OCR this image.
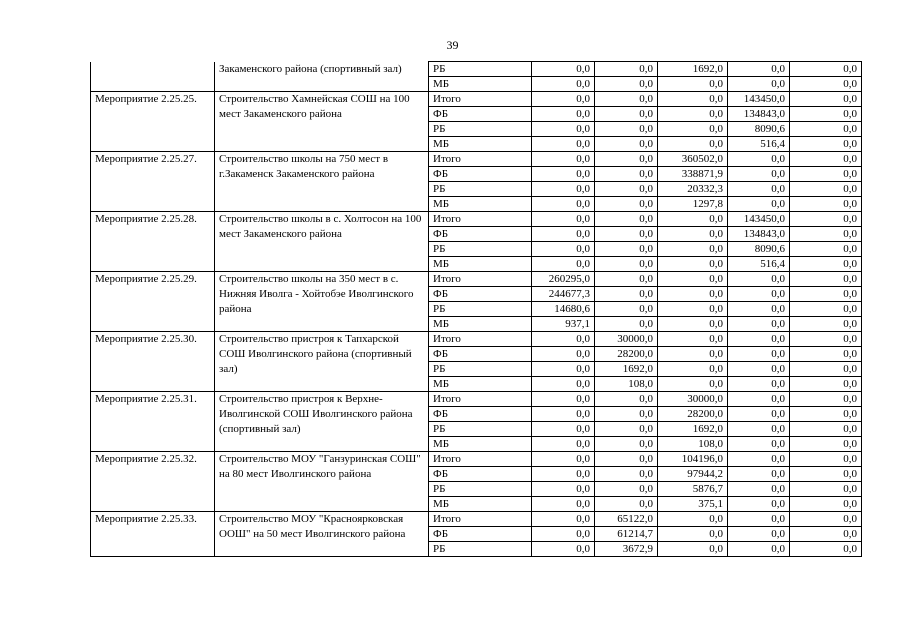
39
	Закаменского района (спортивный зал)	РБ	0,0	0,0	1692,0	0,0	0,0
		МБ	0,0	0,0	0,0	0,0	0,0
Мероприятие 2.25.25.	Строительство Хамнейская СОШ на 100 мест Закаменского района	Итого	0,0	0,0	0,0	143450,0	0,0
		ФБ	0,0	0,0	0,0	134843,0	0,0
		РБ	0,0	0,0	0,0	8090,6	0,0
		МБ	0,0	0,0	0,0	516,4	0,0
Мероприятие 2.25.27.	Строительство школы на 750 мест в г.Закаменск Закаменского района	Итого	0,0	0,0	360502,0	0,0	0,0
		ФБ	0,0	0,0	338871,9	0,0	0,0
		РБ	0,0	0,0	20332,3	0,0	0,0
		МБ	0,0	0,0	1297,8	0,0	0,0
Мероприятие 2.25.28.	Строительство школы в с. Холтосон на 100 мест Закаменского района	Итого	0,0	0,0	0,0	143450,0	0,0
		ФБ	0,0	0,0	0,0	134843,0	0,0
		РБ	0,0	0,0	0,0	8090,6	0,0
		МБ	0,0	0,0	0,0	516,4	0,0
Мероприятие 2.25.29.	Строительство школы на 350 мест в с. Нижняя Иволга - Хойтобэе Иволгинского района	Итого	260295,0	0,0	0,0	0,0	0,0
		ФБ	244677,3	0,0	0,0	0,0	0,0
		РБ	14680,6	0,0	0,0	0,0	0,0
		МБ	937,1	0,0	0,0	0,0	0,0
Мероприятие 2.25.30.	Строительство пристроя к Тапхарской СОШ Иволгинского района (спортивный зал)	Итого	0,0	30000,0	0,0	0,0	0,0
		ФБ	0,0	28200,0	0,0	0,0	0,0
		РБ	0,0	1692,0	0,0	0,0	0,0
		МБ	0,0	108,0	0,0	0,0	0,0
Мероприятие 2.25.31.	Строительство пристроя к Верхне-Иволгинской СОШ Иволгинского района (спортивный зал)	Итого	0,0	0,0	30000,0	0,0	0,0
		ФБ	0,0	0,0	28200,0	0,0	0,0
		РБ	0,0	0,0	1692,0	0,0	0,0
		МБ	0,0	0,0	108,0	0,0	0,0
Мероприятие 2.25.32.	Строительство МОУ "Ганзуринская СОШ" на 80 мест Иволгинского района	Итого	0,0	0,0	104196,0	0,0	0,0
		ФБ	0,0	0,0	97944,2	0,0	0,0
		РБ	0,0	0,0	5876,7	0,0	0,0
		МБ	0,0	0,0	375,1	0,0	0,0
Мероприятие 2.25.33.	Строительство МОУ "Красноярковская ООШ" на 50 мест Иволгинского района	Итого	0,0	65122,0	0,0	0,0	0,0
		ФБ	0,0	61214,7	0,0	0,0	0,0
		РБ	0,0	3672,9	0,0	0,0	0,0
